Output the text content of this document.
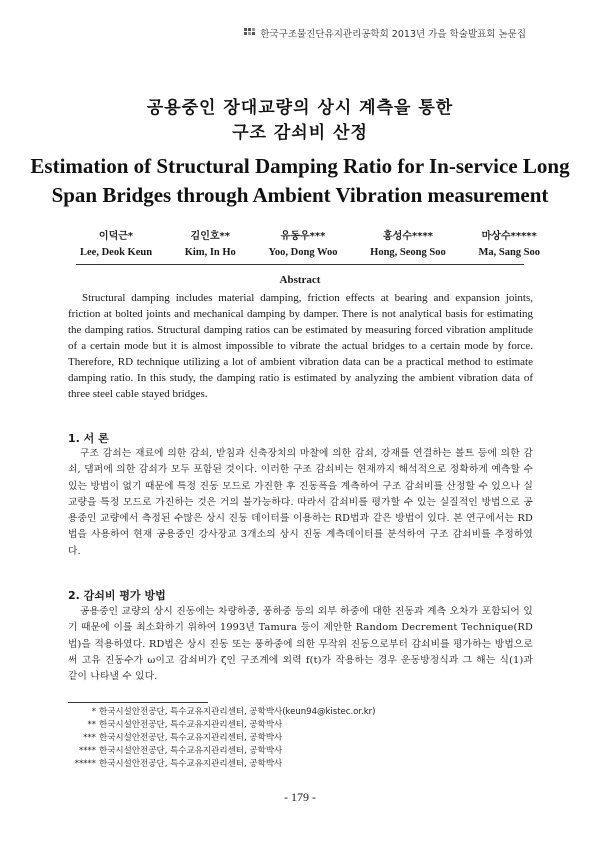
한국구조물진단유지관리공학회 2013년 가을 학술발표회 논문집
공용중인 장대교량의 상시 계측을 통한
구조 감쇠비 산정
Estimation of Structural Damping Ratio for In-service Long
Span Bridges through Ambient Vibration measurement
이덕근*
Lee, Deok Keun
김인호**
Kim, In Ho
유동우***
Yoo, Dong Woo
홍성수****
Hong, Seong Soo
마상수*****
Ma, Sang Soo
Abstract

Structural damping includes material damping, friction effects at bearing and expansion joints, friction at bolted joints and mechanical damping by damper. There is not analytical basis for estimating the damping ratios. Structural damping ratios can be estimated by measuring forced vibration amplitude of a certain mode but it is almost impossible to vibrate the actual bridges to a certain mode by force. Therefore, RD technique utilizing a lot of ambient vibration data can be a practical method to estimate damping ratio. In this study, the damping ratio is estimated by analyzing the ambient vibration data of three steel cable stayed bridges.

1. 서 론

구조 감쇠는 재료에 의한 감쇠, 받침과 신축장치의 마찰에 의한 감쇠, 강재를 연결하는 볼트 등에 의한 감쇠, 댐퍼에 의한 감쇠가 모두 포함된 것이다. 이러한 구조 감쇠비는 현재까지 해석적으로 정확하게 예측할 수 있는 방법이 없기 때문에 특정 진동 모드로 가진한 후 진동폭을 계측하여 구조 감쇠비를 산정할 수 있으나 실 교량을 특정 모드로 가진하는 것은 거의 불가능하다. 따라서 감쇠비를 평가할 수 있는 실질적인 방법으로 공용중인 교량에서 측정된 수많은 상시 진동 데이터를 이용하는 RD법과 같은 방법이 있다. 본 연구에서는 RD법을 사용하여 현재 공용중인 강사장교 3개소의 상시 진동 계측데이터를 분석하여 구조 감쇠비를 추정하였다.

2. 감쇠비 평가 방법

공용중인 교량의 상시 진동에는 차량하중, 풍하중 등의 외부 하중에 대한 진동과 계측 오차가 포함되어 있기 때문에 이를 최소화하기 위하여 1993년 Tamura 등이 제안한 Random Decrement Technique(RD법)을 적용하였다. RD법은 상시 진동 또는 풍하중에 의한 무작위 진동으로부터 감쇠비를 평가하는 방법으로써 고유 진동수가 ω이고 감쇠비가 ζ인 구조계에 외력 f(t)가 작용하는 경우 운동방정식과 그 해는 식(1)과 같이 나타낼 수 있다.

* 한국시설안전공단, 특수교유지관리센터, 공학박사(keun94@kistec.or.kr)
** 한국시설안전공단, 특수교유지관리센터, 공학박사
*** 한국시설안전공단, 특수교유지관리센터, 공학박사
**** 한국시설안전공단, 특수교유지관리센터, 공학박사
***** 한국시설안전공단, 특수교유지관리센터, 공학박사
- 179 -
